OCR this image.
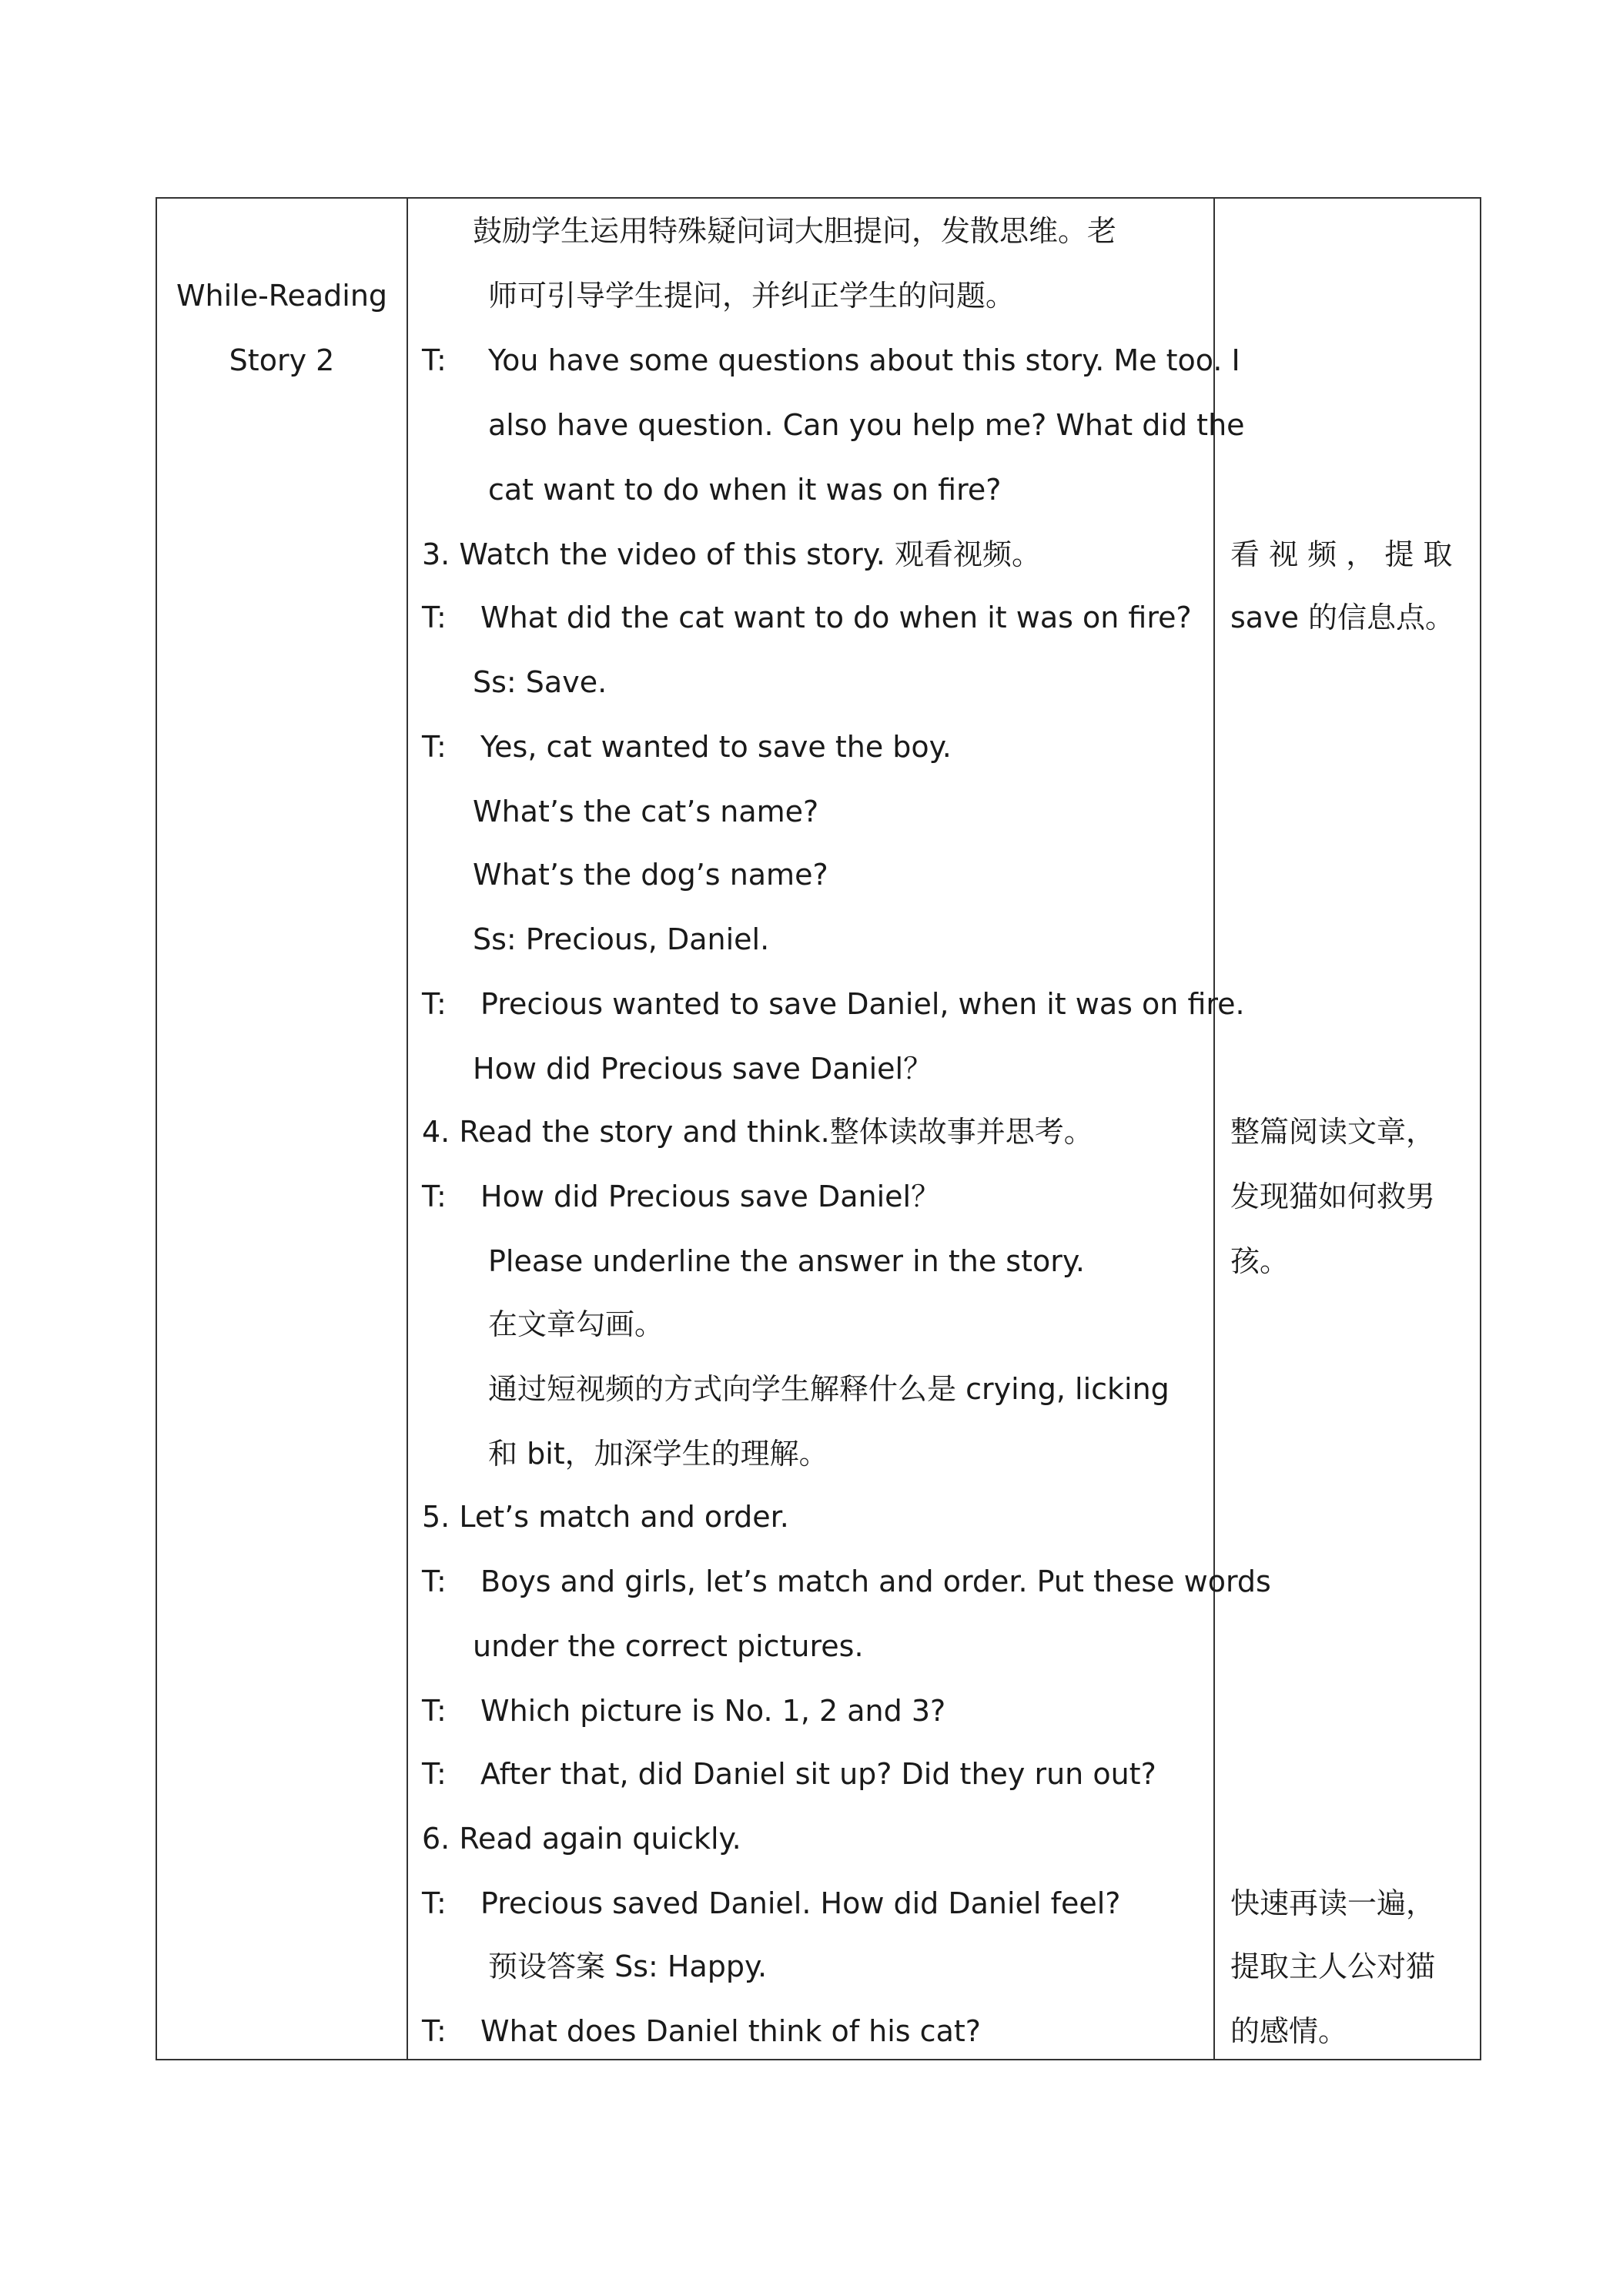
While-Reading
Story 2
鼓励学生运用特殊疑问词大胆提问，发散思维。老
师可引导学生提问，并纠正学生的问题。
T: You have some questions about this story. Me too. I
also have question. Can you help me? What did the
cat want to do when it was on fire?
3. Watch the video of this story. 观看视频。
T: What did the cat want to do when it was on fire?
Ss: Save.
T: Yes, cat wanted to save the boy.
What’s the cat’s name?
What’s the dog’s name?
Ss: Precious, Daniel.
T: Precious wanted to save Daniel, when it was on fire.
How did Precious save Daniel？
4. Read the story and think.整体读故事并思考。
T: How did Precious save Daniel？
Please underline the answer in the story.
在文章勾画。
通过短视频的方式向学生解释什么是 crying, licking
和 bit，加深学生的理解。
5. Let’s match and order.
T: Boys and girls, let’s match and order. Put these words
under the correct pictures.
T: Which picture is No. 1, 2 and 3?
T: After that, did Daniel sit up? Did they run out?
6. Read again quickly.
T: Precious saved Daniel. How did Daniel feel?
预设答案 Ss: Happy.
T: What does Daniel think of his cat?
看 视 频 ， 提 取
save 的信息点。
整篇阅读文章，
发现猫如何救男
孩。
快速再读一遍，
提取主人公对猫
的感情。
